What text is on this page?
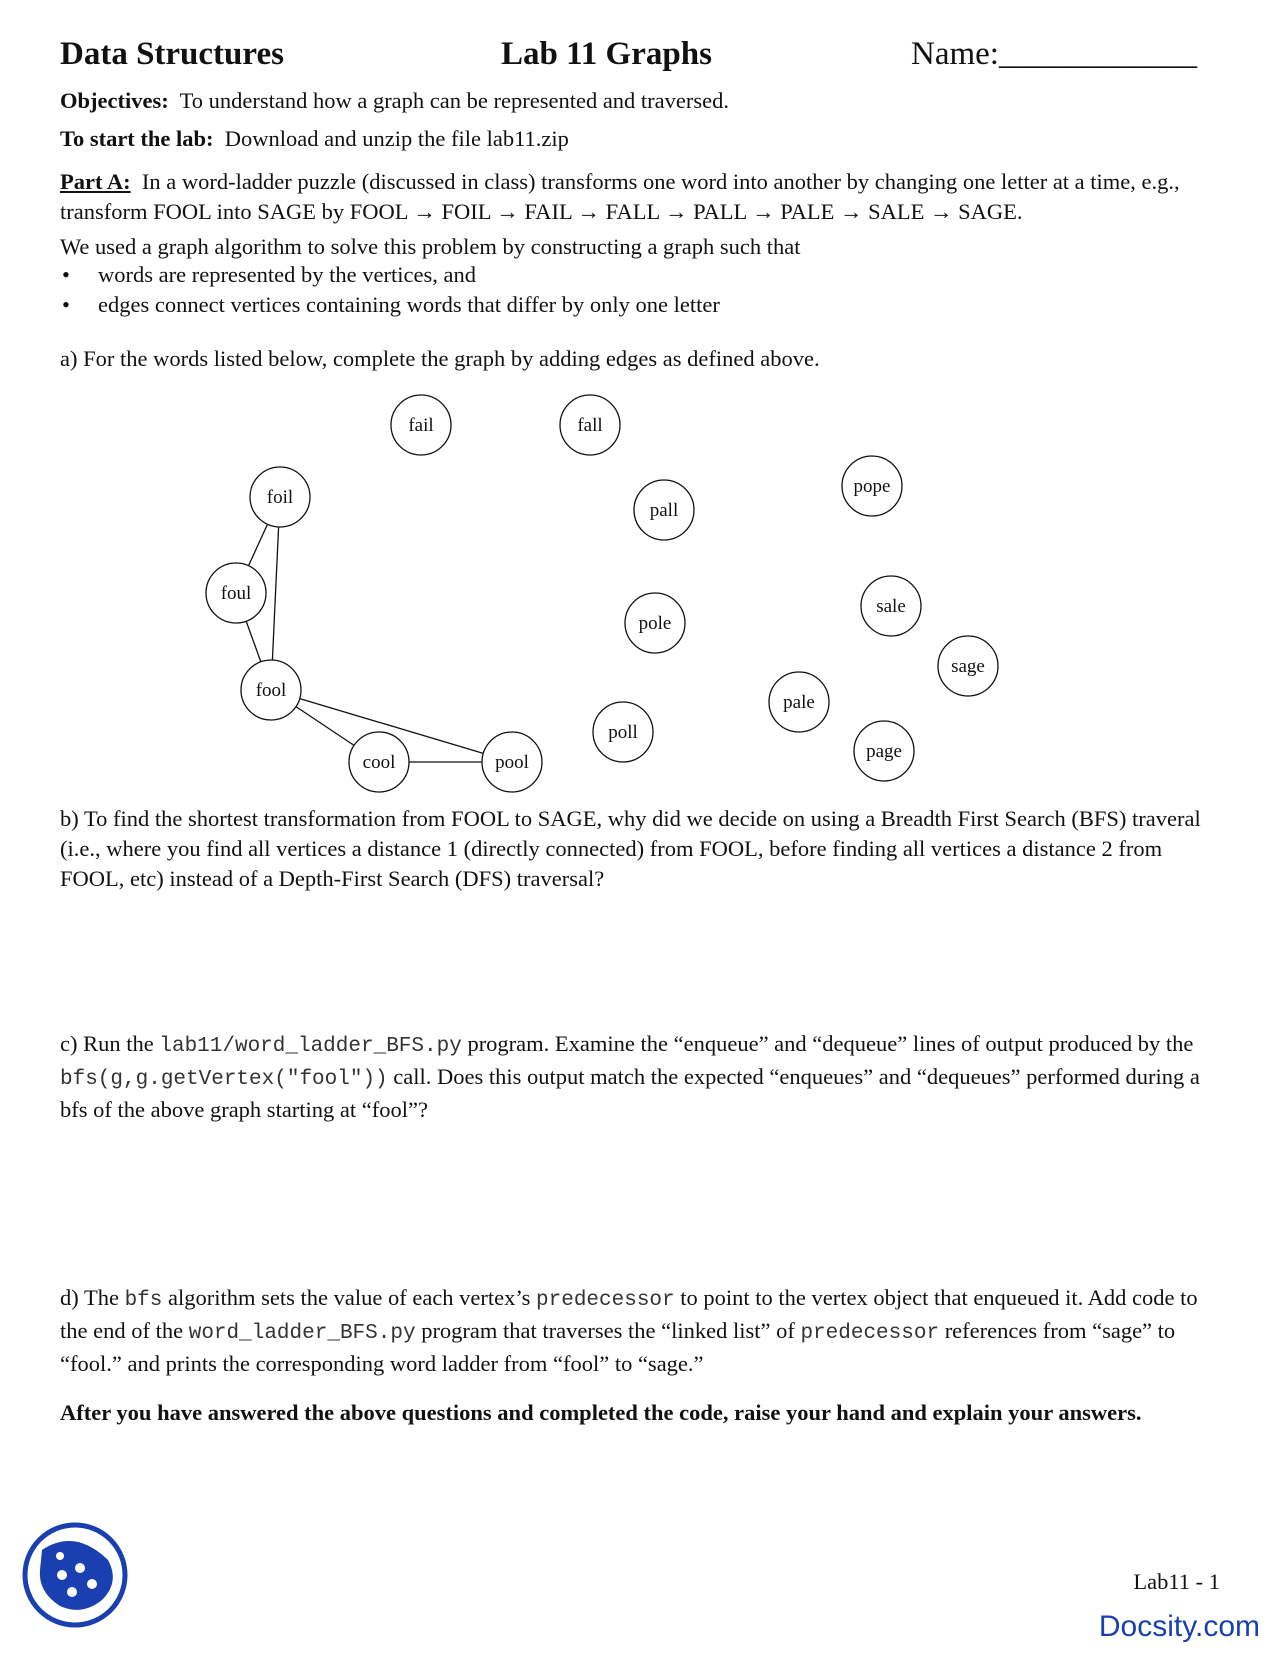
Data Structures	Lab 11 Graphs	Name:____________
Objectives: To understand how a graph can be represented and traversed.
To start the lab: Download and unzip the file lab11.zip
Part A: In a word-ladder puzzle (discussed in class) transforms one word into another by changing one letter at a time, e.g., transform FOOL into SAGE by FOOL → FOIL → FAIL → FALL → PALL → PALE → SALE → SAGE.
We used a graph algorithm to solve this problem by constructing a graph such that
• words are represented by the vertices, and
• edges connect vertices containing words that differ by only one letter
a) For the words listed below, complete the graph by adding edges as defined above.
fail	fall
foil
pall
pope
foul
sale
pole
sage
fool
pale
poll
page
cool	pool
b) To find the shortest transformation from FOOL to SAGE, why did we decide on using a Breadth First Search (BFS) traveral (i.e., where you find all vertices a distance 1 (directly connected) from FOOL, before finding all vertices a distance 2 from FOOL, etc) instead of a Depth-First Search (DFS) traversal?
c) Run the lab11/word_ladder_BFS.py program. Examine the “enqueue” and “dequeue” lines of output produced by the bfs(g,g.getVertex("fool")) call. Does this output match the expected “enqueues” and “dequeues” performed during a bfs of the above graph starting at “fool”?
d) The bfs algorithm sets the value of each vertex’s predecessor to point to the vertex object that enqueued it. Add code to the end of the word_ladder_BFS.py program that traverses the “linked list” of predecessor references from “sage” to “fool.” and prints the corresponding word ladder from “fool” to “sage.”
After you have answered the above questions and completed the code, raise your hand and explain your answers.
Lab11 - 1
Docsity.com
